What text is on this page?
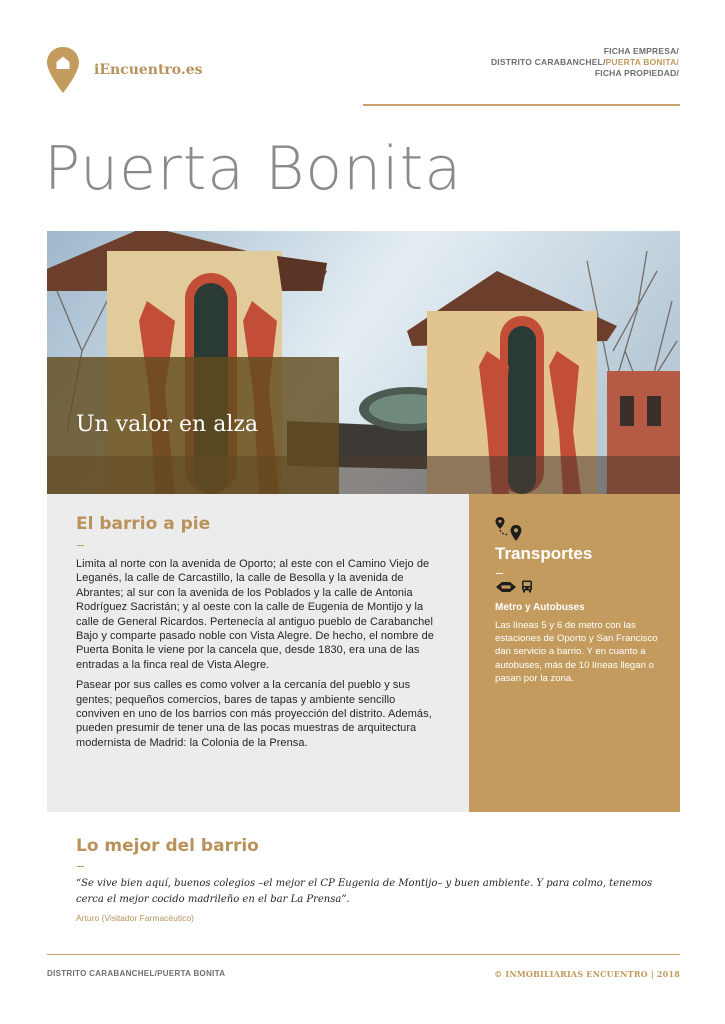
iEncuentro.es
FICHA EMPRESA/
DISTRITO CARABANCHEL/PUERTA BONITA/
FICHA PROPIEDAD/
Puerta Bonita
Un valor en alza
El barrio a pie

Limita al norte con la avenida de Oporto; al este con el Camino Viejo de Leganés, la calle de Carcastillo, la calle de Besolla y la avenida de Abrantes; al sur con la avenida de los Poblados y la calle de Antonia Rodríguez Sacristán; y al oeste con la calle de Eugenia de Montijo y la calle de General Ricardos. Pertenecía al antiguo pueblo de Carabanchel Bajo y comparte pasado noble con Vista Alegre. De hecho, el nombre de Puerta Bonita le viene por la cancela que, desde 1830, era una de las entradas a la finca real de Vista Alegre.

Pasear por sus calles es como volver a la cercanía del pueblo y sus gentes; pequeños comercios, bares de tapas y ambiente sencillo conviven en uno de los barrios con más proyección del distrito. Además, pueden presumir de tener una de las pocas muestras de arquitectura modernista de Madrid: la Colonia de la Prensa.

Transportes
Metro y Autobuses

Las líneas 5 y 6 de metro con las estaciones de Oporto y San Francisco dan servicio a barrio. Y en cuanto a autobuses, más de 10 líneas llegan o pasan por la zona.

Lo mejor del barrio

“Se vive bien aquí, buenos colegios –el mejor el CP Eugenia de Montijo– y buen ambiente. Y para colmo, tenemos cerca el mejor cocido madrileño en el bar La Prensa”.

Arturo (Visitador Farmacéutico)
DISTRITO CARABANCHEL/PUERTA BONITA	© INMOBILIARIAS ENCUENTRO | 2018
